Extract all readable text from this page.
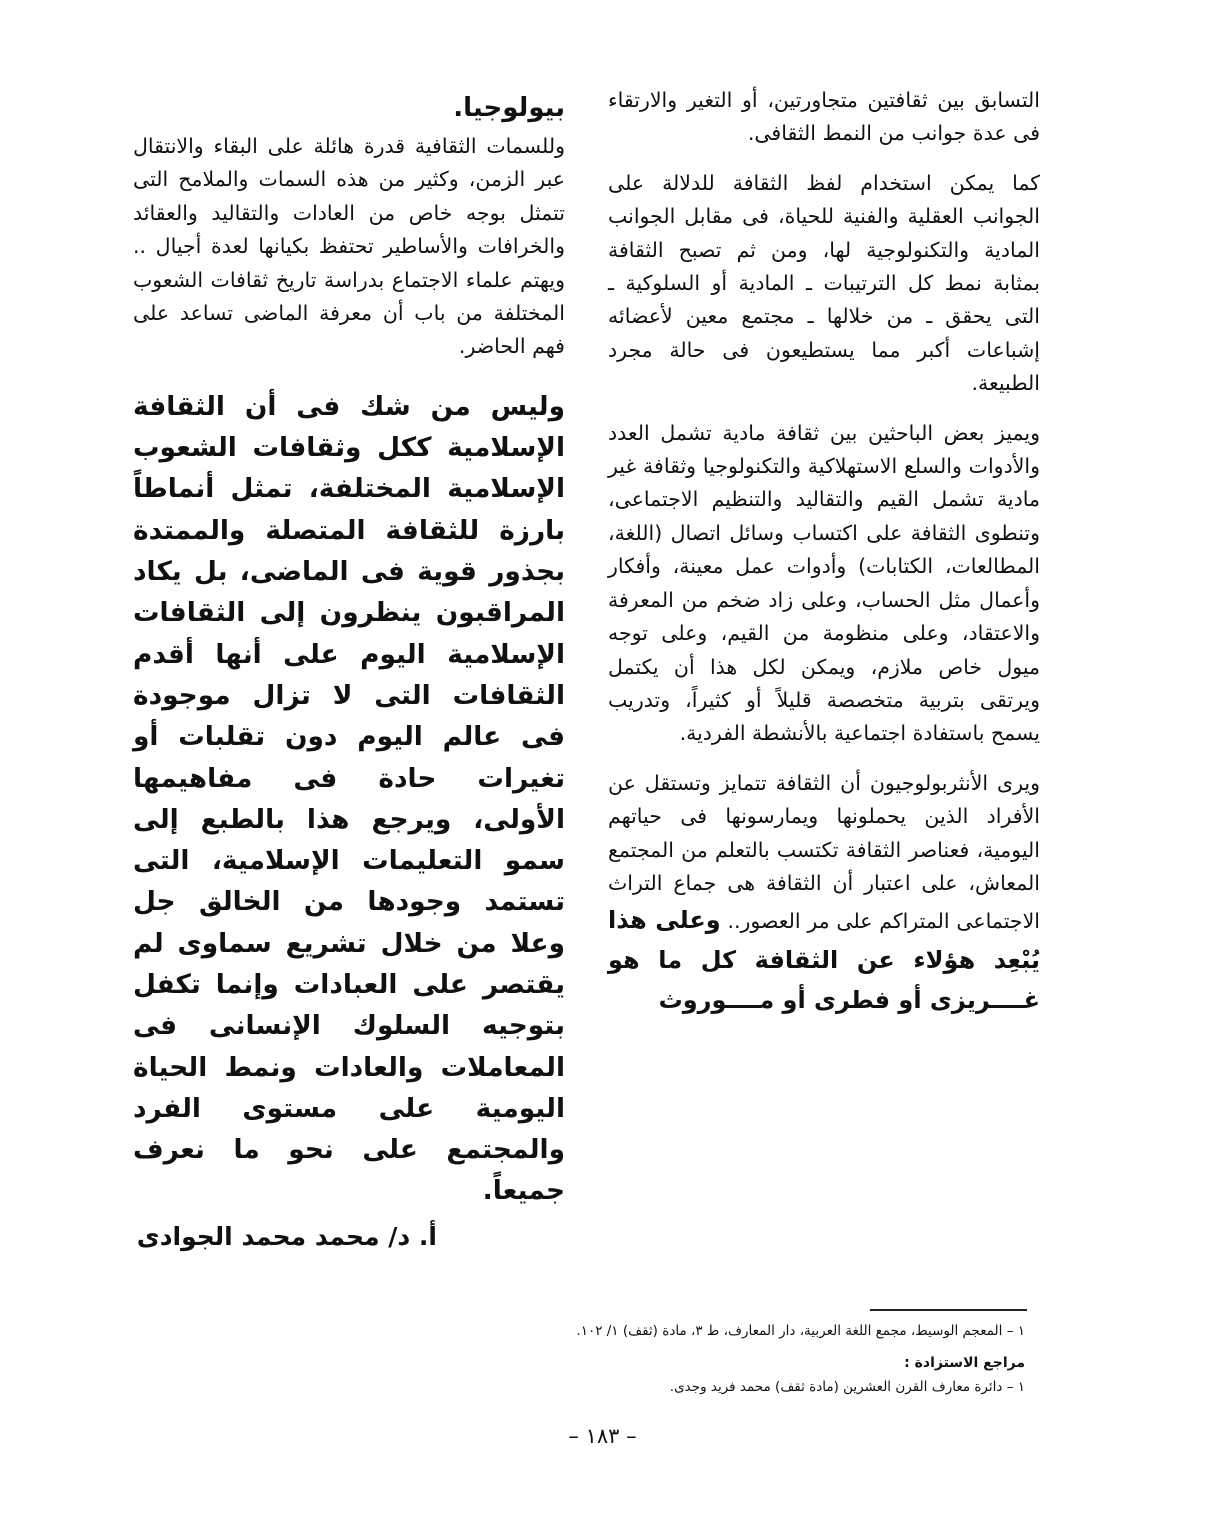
التسابق بين ثقافتين متجاورتين، أو التغير والارتقاء فى عدة جوانب من النمط الثقافى.

كما يمكن استخدام لفظ الثقافة للدلالة على الجوانب العقلية والفنية للحياة، فى مقابل الجوانب المادية والتكنولوجية لها، ومن ثم تصبح الثقافة بمثابة نمط كل الترتيبات ـ المادية أو السلوكية ـ التى يحقق ـ من خلالها ـ مجتمع معين لأعضائه إشباعات أكبر مما يستطيعون فى حالة مجرد الطبيعة.

ويميز بعض الباحثين بين ثقافة مادية تشمل العدد والأدوات والسلع الاستهلاكية والتكنولوجيا وثقافة غير مادية تشمل القيم والتقاليد والتنظيم الاجتماعى، وتنطوى الثقافة على اكتساب وسائل اتصال (اللغة، المطالعات، الكتابات) وأدوات عمل معينة، وأفكار وأعمال مثل الحساب، وعلى زاد ضخم من المعرفة والاعتقاد، وعلى منظومة من القيم، وعلى توجه ميول خاص ملازم، ويمكن لكل هذا أن يكتمل ويرتقى بتربية متخصصة قليلاً أو كثيراً، وتدريب يسمح باستفادة اجتماعية بالأنشطة الفردية.

ويرى الأنثربولوجيون أن الثقافة تتمايز وتستقل عن الأفراد الذين يحملونها ويمارسونها فى حياتهم اليومية، فعناصر الثقافة تكتسب بالتعلم من المجتمع المعاش، على اعتبار أن الثقافة هى جماع التراث الاجتماعى المتراكم على مر العصور.. وعلى هذا يُبْعِد هؤلاء عن الثقافة كل ما هو غــــريزى أو فطرى أو مــــوروث

بيولوجيا.

وللسمات الثقافية قدرة هائلة على البقاء والانتقال عبر الزمن، وكثير من هذه السمات والملامح التى تتمثل بوجه خاص من العادات والتقاليد والعقائد والخرافات والأساطير تحتفظ بكيانها لعدة أجيال .. ويهتم علماء الاجتماع بدراسة تاريخ ثقافات الشعوب المختلفة من باب أن معرفة الماضى تساعد على فهم الحاضر.

وليس من شك فى أن الثقافة الإسلامية ككل وثقافات الشعوب الإسلامية المختلفة، تمثل أنماطاً بارزة للثقافة المتصلة والممتدة بجذور قوية فى الماضى، بل يكاد المراقبون ينظرون إلى الثقافات الإسلامية اليوم على أنها أقدم الثقافات التى لا تزال موجودة فى عالم اليوم دون تقلبات أو تغيرات حادة فى مفاهيمها الأولى، ويرجع هذا بالطبع إلى سمو التعليمات الإسلامية، التى تستمد وجودها من الخالق جل وعلا من خلال تشريع سماوى لم يقتصر على العبادات وإنما تكفل بتوجيه السلوك الإنسانى فى المعاملات والعادات ونمط الحياة اليومية على مستوى الفرد والمجتمع على نحو ما نعرف جميعاً.

أ. د/ محمد محمد الجوادى

١ – المعجم الوسيط، مجمع اللغة العربية، دار المعارف، ط ٣، مادة (ثقف) ١/ ١٠٢.

مراجع الاستزادة :

١ – دائرة معارف القرن العشرين (مادة ثقف) محمد فريد وجدى.

– ١٨٣ –
